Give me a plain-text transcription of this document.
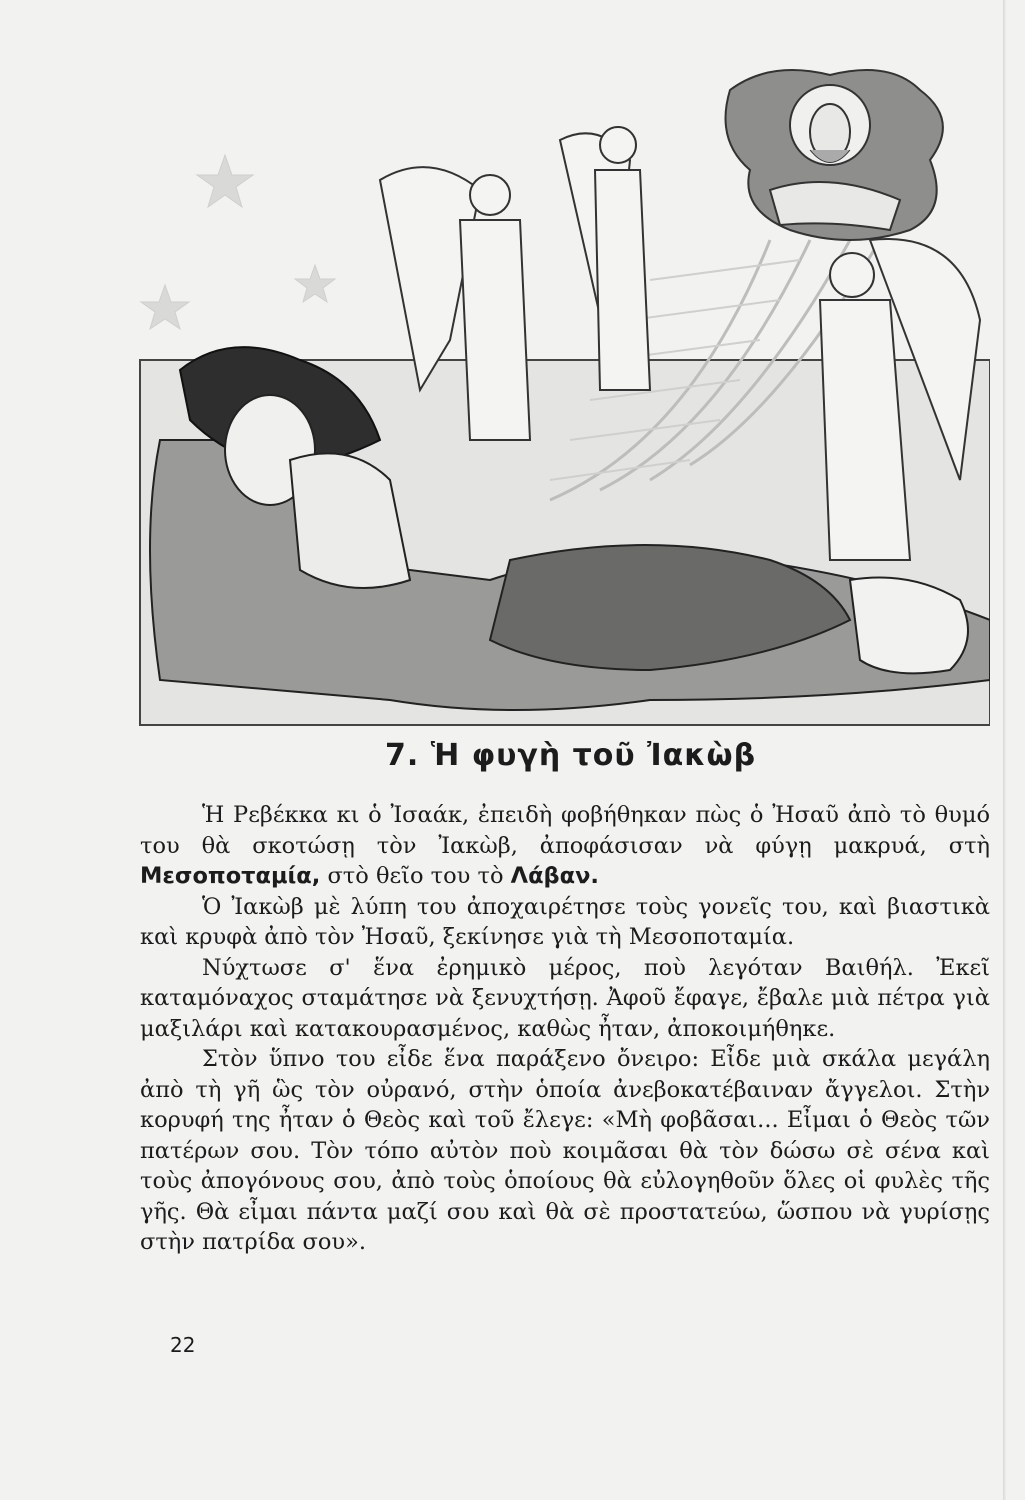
7. Ἡ φυγὴ τοῦ Ἰακὼβ

Ἡ Ρεβέκκα κι ὁ Ἰσαάκ, ἐπειδὴ φοβήθηκαν πὼς ὁ Ἠσαῦ ἀπὸ τὸ θυμό του θὰ σκοτώσῃ τὸν Ἰακὼβ, ἀποφάσισαν νὰ φύγῃ μακρυά, στὴ Μεσοποταμία, στὸ θεῖο του τὸ Λάβαν.

Ὁ Ἰακὼβ μὲ λύπη του ἀποχαιρέτησε τοὺς γονεῖς του, καὶ βιαστικὰ καὶ κρυφὰ ἀπὸ τὸν Ἠσαῦ, ξεκίνησε γιὰ τὴ Μεσοποταμία.

Νύχτωσε σ' ἕνα ἐρημικὸ μέρος, ποὺ λεγόταν Βαιθήλ. Ἐκεῖ καταμόναχος σταμάτησε νὰ ξενυχτήσῃ. Ἀφοῦ ἔφαγε, ἔβαλε μιὰ πέτρα γιὰ μαξιλάρι καὶ κατακουρασμένος, καθὼς ἦταν, ἀποκοιμήθηκε.

Στὸν ὕπνο του εἶδε ἕνα παράξενο ὄνειρο: Εἶδε μιὰ σκάλα μεγάλη ἀπὸ τὴ γῆ ὣς τὸν οὐρανό, στὴν ὁποία ἀνεβοκατέβαιναν ἄγγελοι. Στὴν κορυφή της ἦταν ὁ Θεὸς καὶ τοῦ ἔλεγε: «Μὴ φοβᾶσαι... Εἶμαι ὁ Θεὸς τῶν πατέρων σου. Τὸν τόπο αὐτὸν ποὺ κοιμᾶσαι θὰ τὸν δώσω σὲ σένα καὶ τοὺς ἀπογόνους σου, ἀπὸ τοὺς ὁποίους θὰ εὐλογηθοῦν ὅλες οἱ φυλὲς τῆς γῆς. Θὰ εἶμαι πάντα μαζί σου καὶ θὰ σὲ προστατεύω, ὥσπου νὰ γυρίσῃς στὴν πατρίδα σου».

22
